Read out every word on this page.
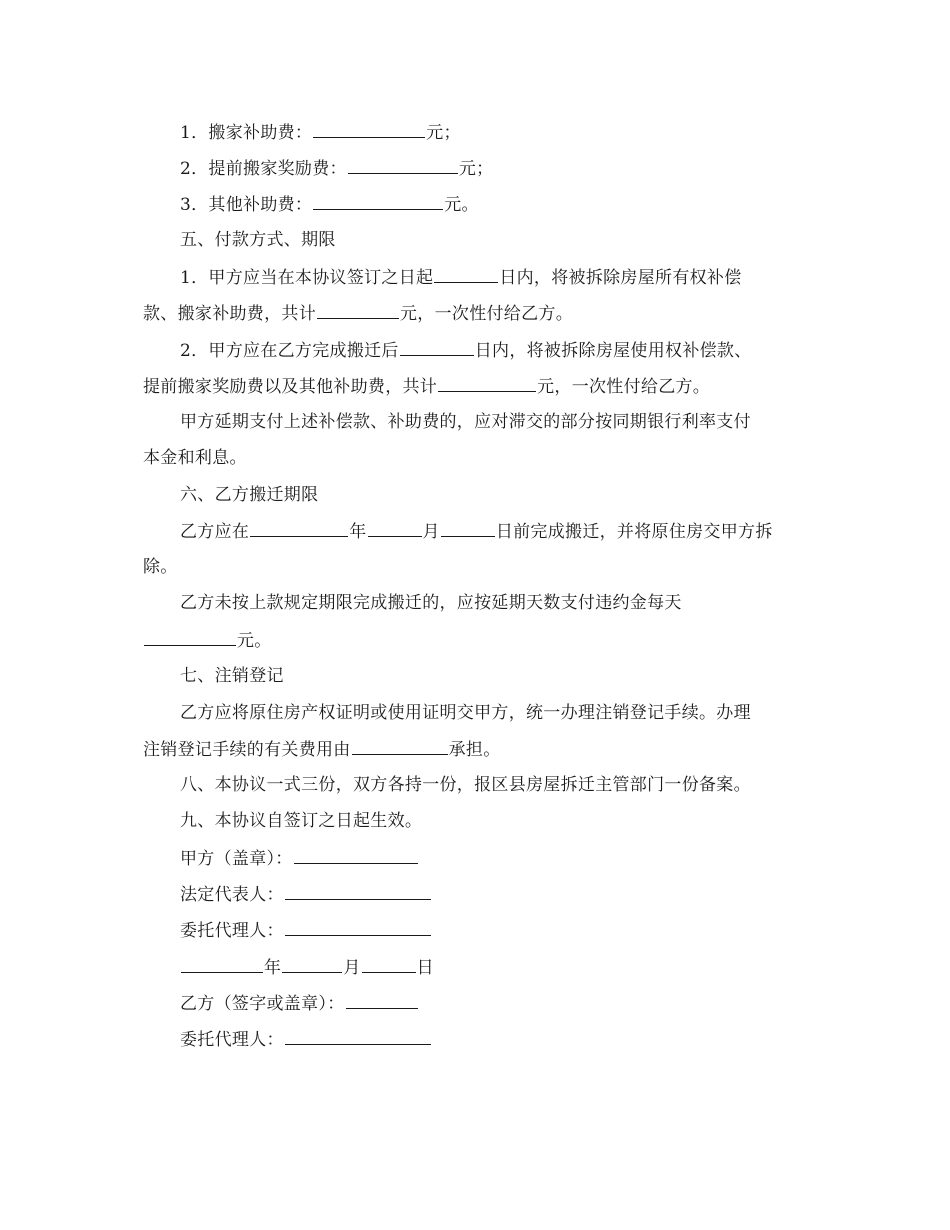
1．搬家补助费：	元；
2．提前搬家奖励费：	元；
3．其他补助费：	元。
五、付款方式、期限
1．甲方应当在本协议签订之日起	日内，将被拆除房屋所有权补偿
款、搬家补助费，共计	元，一次性付给乙方。
2．甲方应在乙方完成搬迁后	日内，将被拆除房屋使用权补偿款、
提前搬家奖励费以及其他补助费，共计	元，一次性付给乙方。
甲方延期支付上述补偿款、补助费的，应对滞交的部分按同期银行利率支付
本金和利息。
六、乙方搬迁期限
乙方应在	年	月	日前完成搬迁，并将原住房交甲方拆
除。
乙方未按上款规定期限完成搬迁的，应按延期天数支付违约金每天
元。
七、注销登记
乙方应将原住房产权证明或使用证明交甲方，统一办理注销登记手续。办理
注销登记手续的有关费用由	承担。
八、本协议一式三份，双方各持一份，报区县房屋拆迁主管部门一份备案。
九、本协议自签订之日起生效。
甲方（盖章）：
法定代表人：
委托代理人：
年	月	日
乙方（签字或盖章）：
委托代理人：
